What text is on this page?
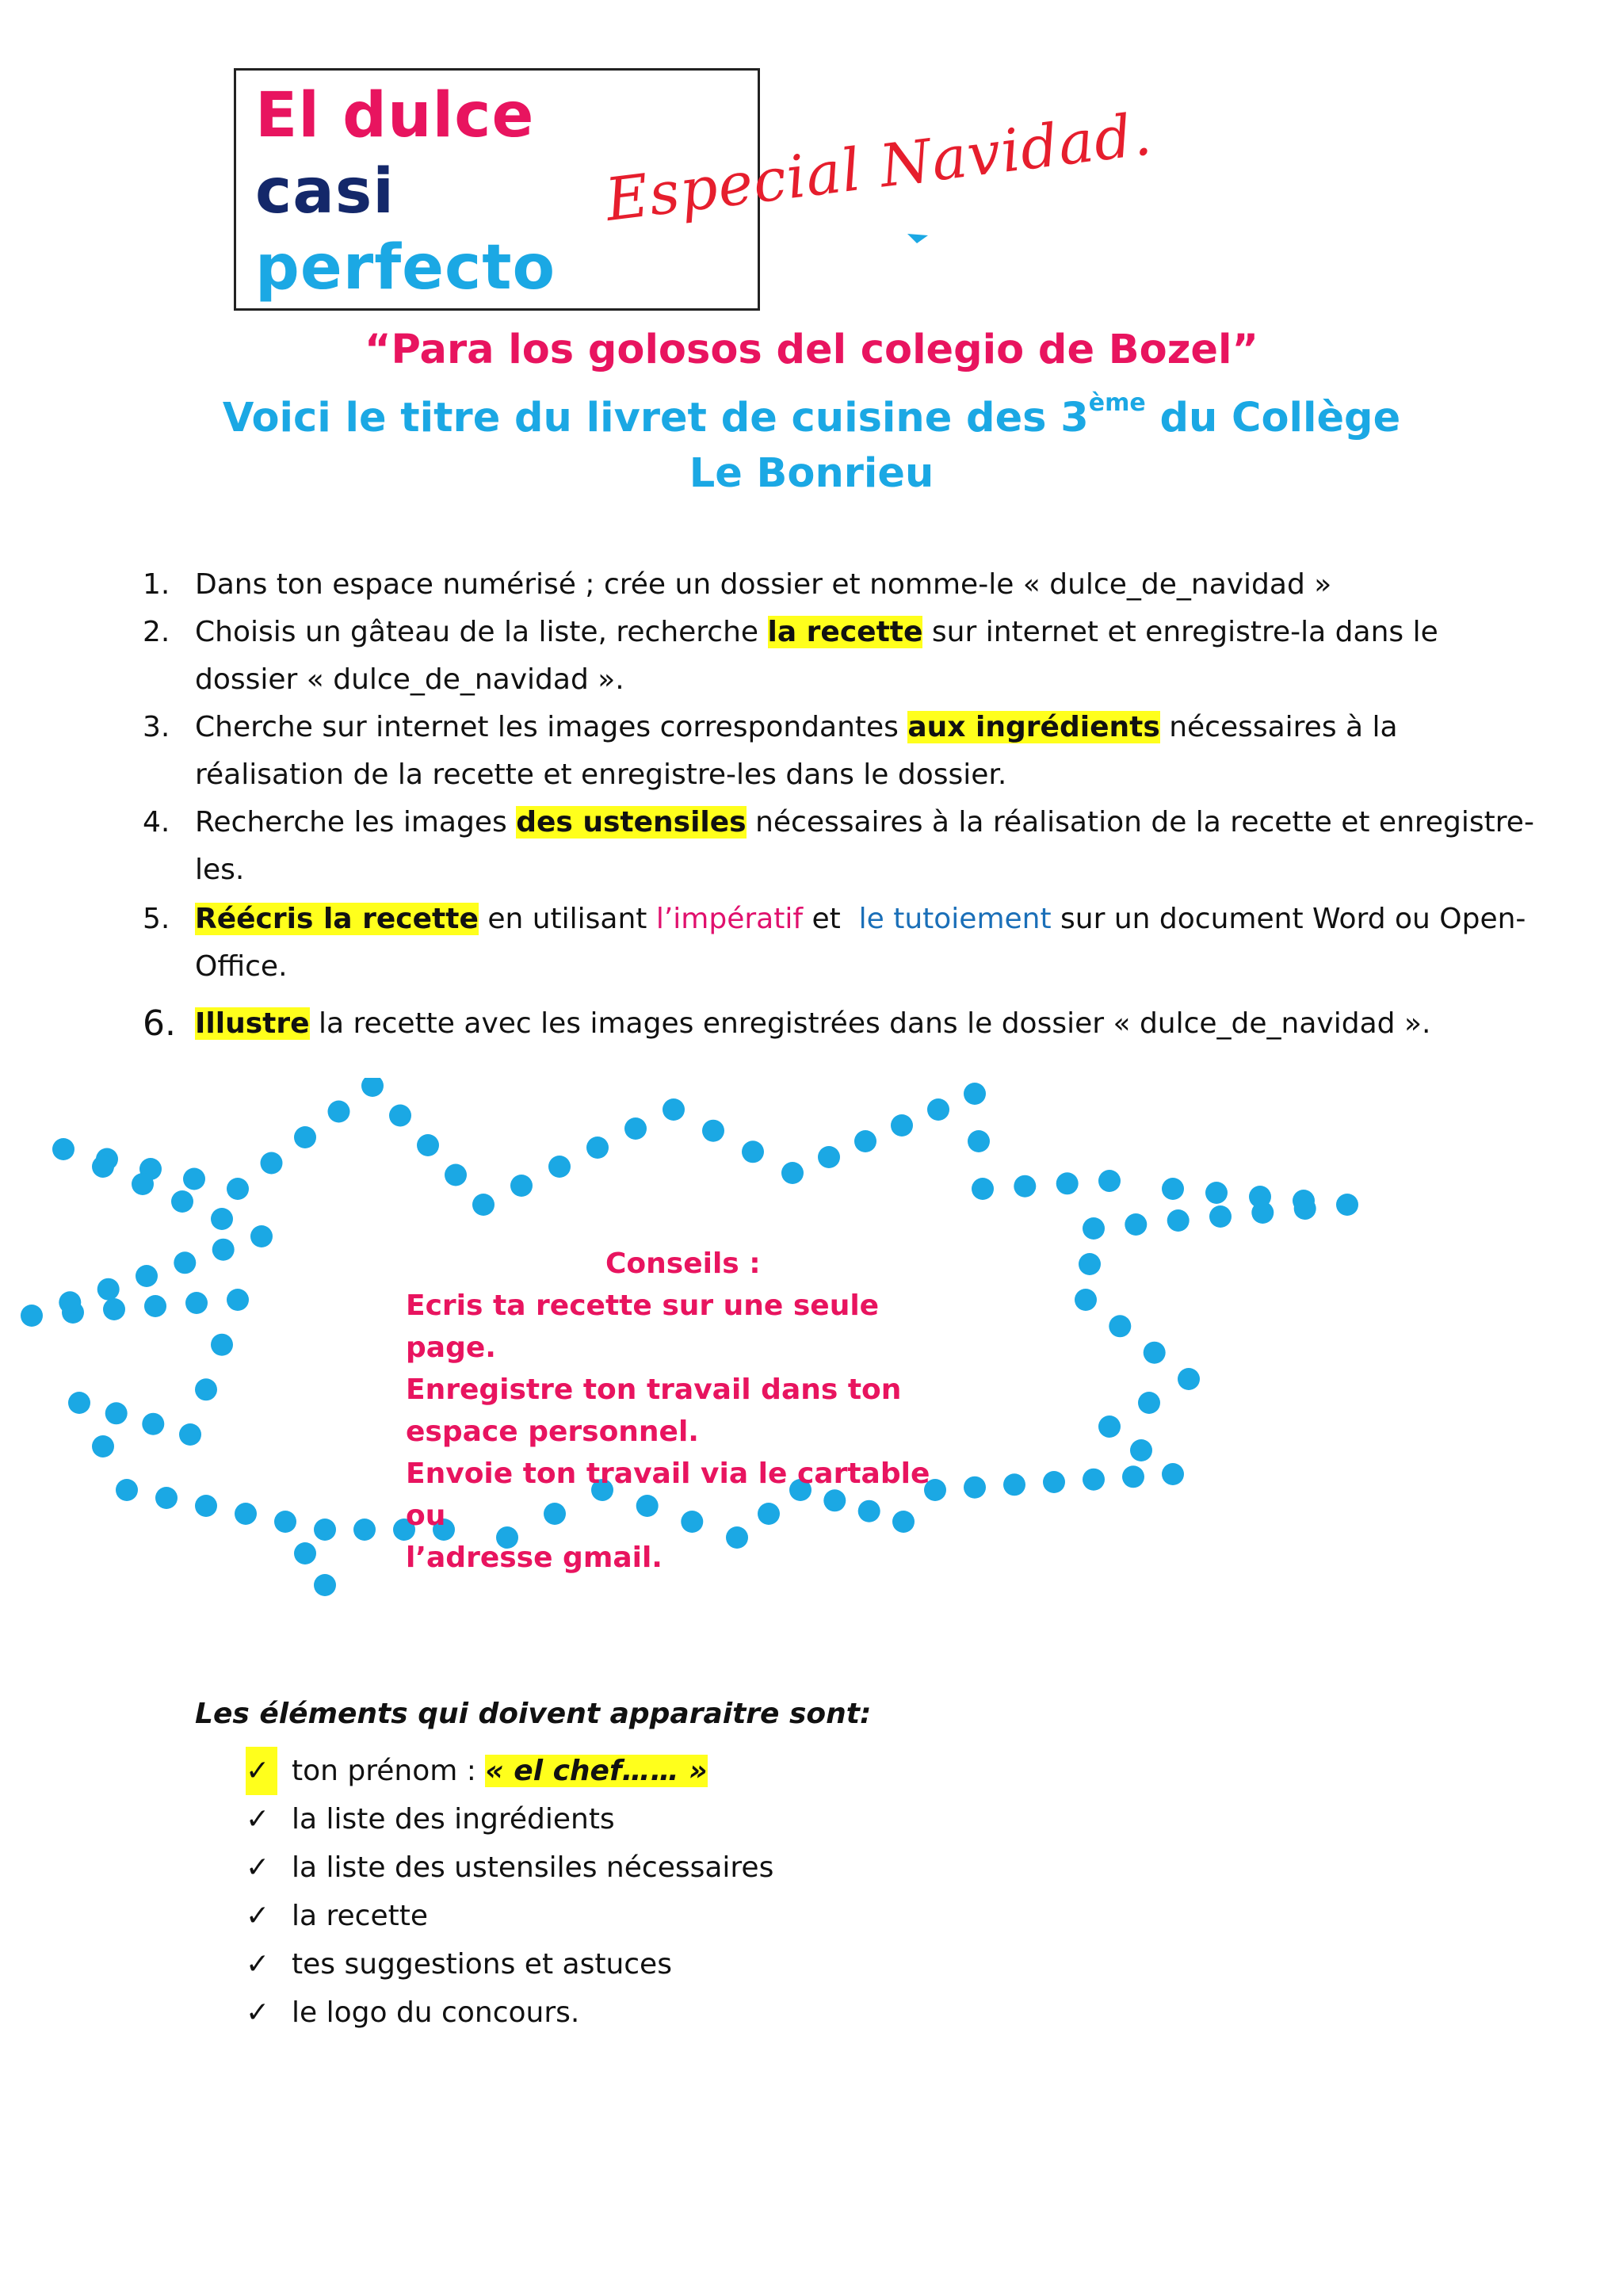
El dulce
casi
perfecto
Especial Navidad.
“Para los golosos del colegio de Bozel”
Voici le titre du livret de cuisine des 3ème du Collège
Le Bonrieu
1. Dans ton espace numérisé ; crée un dossier et nomme-le « dulce_de_navidad »
2. Choisis un gâteau de la liste, recherche la recette sur internet et enregistre-la dans le dossier « dulce_de_navidad ».
3. Cherche sur internet les images correspondantes aux ingrédients nécessaires à la réalisation de la recette et enregistre-les dans le dossier.
4. Recherche les images des ustensiles nécessaires à la réalisation de la recette et enregistre-les.
5. Réécris la recette en utilisant l’impératif et  le tutoiement sur un document Word ou Open-Office.
6. Illustre la recette avec les images enregistrées dans le dossier « dulce_de_navidad ».
Conseils :
Ecris ta recette sur une seule page.
Enregistre ton travail dans ton
espace personnel.
Envoie ton travail via le cartable ou
l’adresse gmail.
Les éléments qui doivent apparaitre sont:
✓ ton prénom : « el chef…… »
✓ la liste des ingrédients
✓ la liste des ustensiles nécessaires
✓ la recette
✓ tes suggestions et astuces
✓ le logo du concours.
